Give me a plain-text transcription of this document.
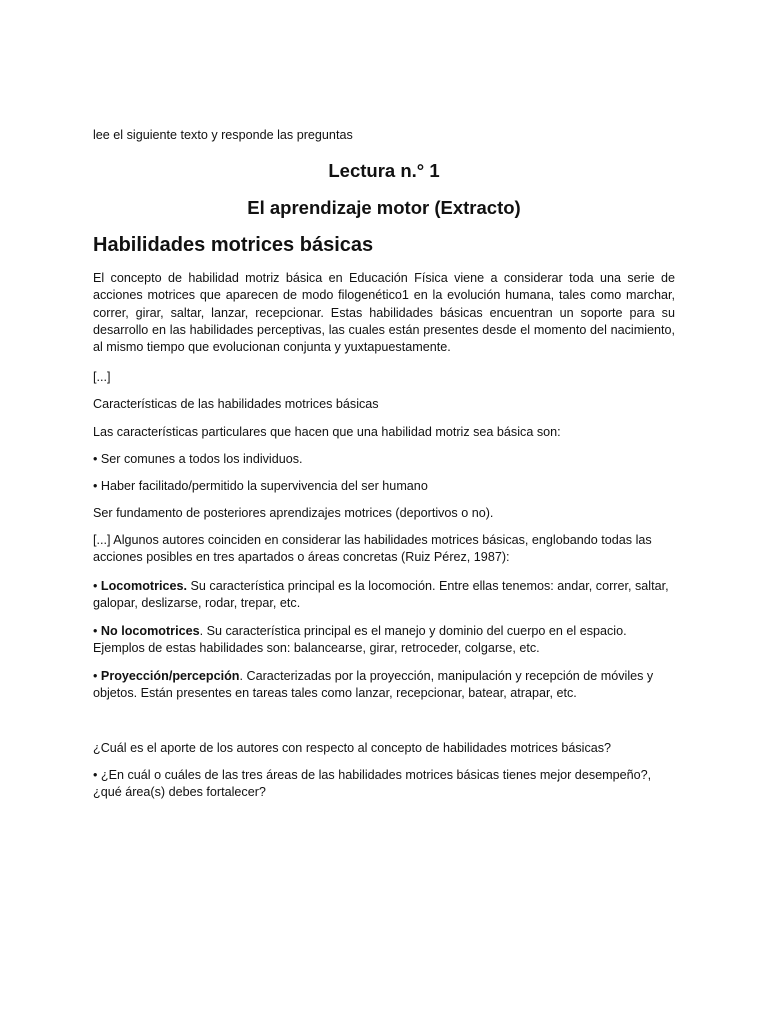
lee el siguiente texto y responde las preguntas

Lectura n.° 1
El aprendizaje motor (Extracto)
Habilidades motrices básicas

El concepto de habilidad motriz básica en Educación Física viene a considerar toda una serie de acciones motrices que aparecen de modo filogenético1 en la evolución humana, tales como marchar, correr, girar, saltar, lanzar, recepcionar. Estas habilidades básicas encuentran un soporte para su desarrollo en las habilidades perceptivas, las cuales están presentes desde el momento del nacimiento, al mismo tiempo que evolucionan conjunta y yuxtapuestamente.

[...]

Características de las habilidades motrices básicas

Las características particulares que hacen que una habilidad motriz sea básica son:

• Ser comunes a todos los individuos.

• Haber facilitado/permitido la supervivencia del ser humano

Ser fundamento de posteriores aprendizajes motrices (deportivos o no).

[...] Algunos autores coinciden en considerar las habilidades motrices básicas, englobando todas las acciones posibles en tres apartados o áreas concretas (Ruiz Pérez, 1987):

• Locomotrices. Su característica principal es la locomoción. Entre ellas tenemos: andar, correr, saltar, galopar, deslizarse, rodar, trepar, etc.

• No locomotrices. Su característica principal es el manejo y dominio del cuerpo en el espacio. Ejemplos de estas habilidades son: balancearse, girar, retroceder, colgarse, etc.

• Proyección/percepción. Caracterizadas por la proyección, manipulación y recepción de móviles y objetos. Están presentes en tareas tales como lanzar, recepcionar, batear, atrapar, etc.

¿Cuál es el aporte de los autores con respecto al concepto de habilidades motrices básicas?

• ¿En cuál o cuáles de las tres áreas de las habilidades motrices básicas tienes mejor desempeño?, ¿qué área(s) debes fortalecer?
